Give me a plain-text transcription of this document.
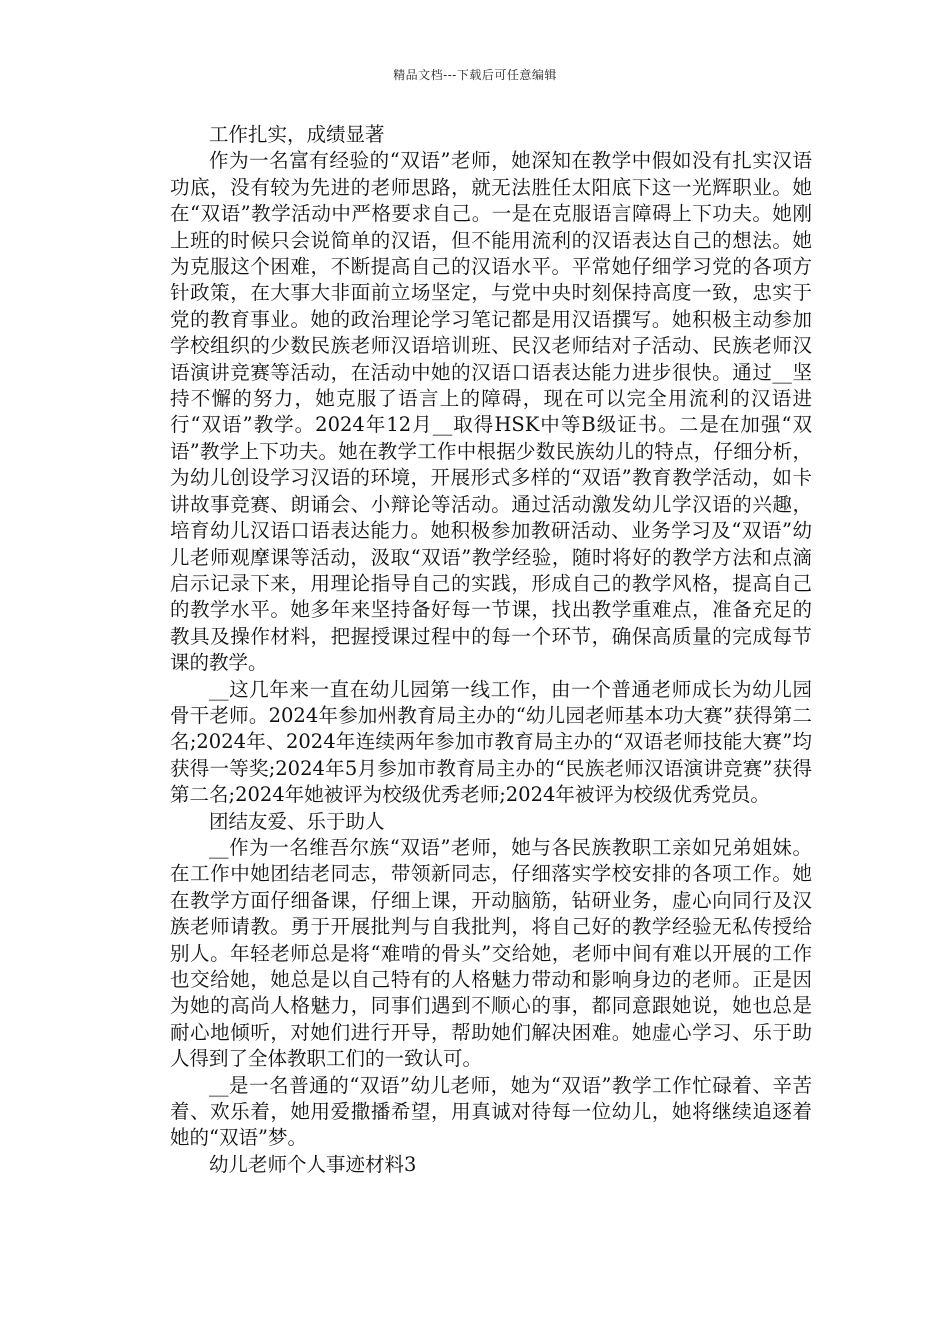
精品文档---下载后可任意编辑

工作扎实，成绩显著

作为一名富有经验的“双语”老师，她深知在教学中假如没有扎实汉语功底，没有较为先进的老师思路，就无法胜任太阳底下这一光辉职业。她在“双语”教学活动中严格要求自己。一是在克服语言障碍上下功夫。她刚上班的时候只会说简单的汉语，但不能用流利的汉语表达自己的想法。她为克服这个困难，不断提高自己的汉语水平。平常她仔细学习党的各项方针政策，在大事大非面前立场坚定，与党中央时刻保持高度一致，忠实于党的教育事业。她的政治理论学习笔记都是用汉语撰写。她积极主动参加学校组织的少数民族老师汉语培训班、民汉老师结对子活动、民族老师汉语演讲竞赛等活动，在活动中她的汉语口语表达能力进步很快。通过__坚持不懈的努力，她克服了语言上的障碍，现在可以完全用流利的汉语进行“双语”教学。2024年12月__取得HSK中等B级证书。二是在加强“双语”教学上下功夫。她在教学工作中根据少数民族幼儿的特点，仔细分析，为幼儿创设学习汉语的环境，开展形式多样的“双语”教育教学活动，如卡讲故事竞赛、朗诵会、小辩论等活动。通过活动激发幼儿学汉语的兴趣，培育幼儿汉语口语表达能力。她积极参加教研活动、业务学习及“双语”幼儿老师观摩课等活动，汲取“双语”教学经验，随时将好的教学方法和点滴启示记录下来，用理论指导自己的实践，形成自己的教学风格，提高自己的教学水平。她多年来坚持备好每一节课，找出教学重难点，准备充足的教具及操作材料，把握授课过程中的每一个环节，确保高质量的完成每节课的教学。

__这几年来一直在幼儿园第一线工作，由一个普通老师成长为幼儿园骨干老师。2024年参加州教育局主办的“幼儿园老师基本功大赛”获得第二名;2024年、2024年连续两年参加市教育局主办的“双语老师技能大赛”均获得一等奖;2024年5月参加市教育局主办的“民族老师汉语演讲竞赛”获得第二名;2024年她被评为校级优秀老师;2024年被评为校级优秀党员。

团结友爱、乐于助人

__作为一名维吾尔族“双语”老师，她与各民族教职工亲如兄弟姐妹。在工作中她团结老同志，带领新同志，仔细落实学校安排的各项工作。她在教学方面仔细备课，仔细上课，开动脑筋，钻研业务，虚心向同行及汉族老师请教。勇于开展批判与自我批判，将自己好的教学经验无私传授给别人。年轻老师总是将“难啃的骨头”交给她，老师中间有难以开展的工作也交给她，她总是以自己特有的人格魅力带动和影响身边的老师。正是因为她的高尚人格魅力，同事们遇到不顺心的事，都同意跟她说，她也总是耐心地倾听，对她们进行开导，帮助她们解决困难。她虚心学习、乐于助人得到了全体教职工们的一致认可。

__是一名普通的“双语”幼儿老师，她为“双语”教学工作忙碌着、辛苦着、欢乐着，她用爱撒播希望，用真诚对待每一位幼儿，她将继续追逐着她的“双语”梦。

幼儿老师个人事迹材料3
